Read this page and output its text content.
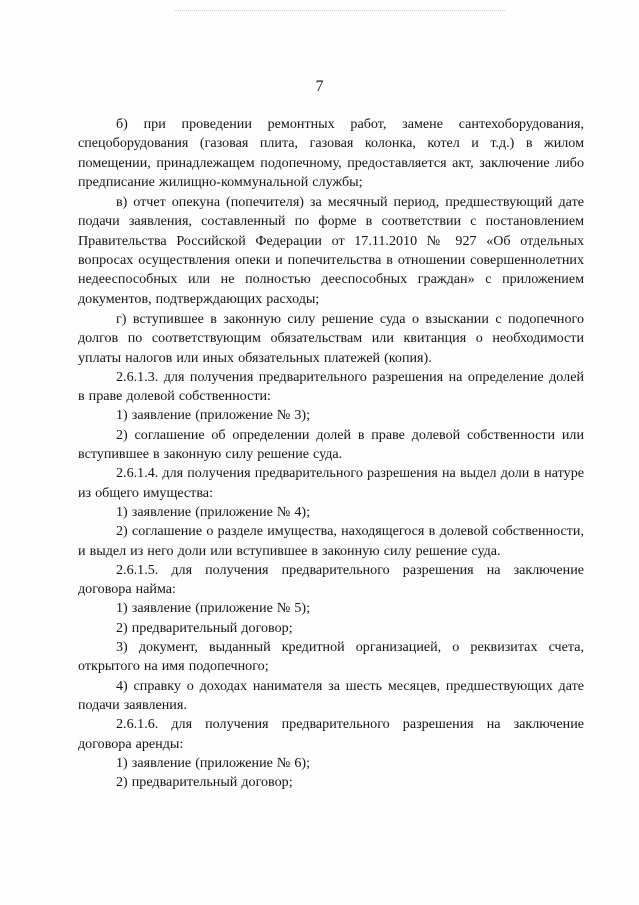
7

б) при проведении ремонтных работ, замене сантехоборудования, спецоборудования (газовая плита, газовая колонка, котел и т.д.) в жилом помещении, принадлежащем подопечному, предоставляется акт, заключение либо предписание жилищно-коммунальной службы;

в) отчет опекуна (попечителя) за месячный период, предшествующий дате подачи заявления, составленный по форме в соответствии с постановлением Правительства Российской Федерации от 17.11.2010 № 927 «Об отдельных вопросах осуществления опеки и попечительства в отношении совершеннолетних недееспособных или не полностью дееспособных граждан» с приложением документов, подтверждающих расходы;

г) вступившее в законную силу решение суда о взыскании с подопечного долгов по соответствующим обязательствам или квитанция о необходимости уплаты налогов или иных обязательных платежей (копия).

2.6.1.3. для получения предварительного разрешения на определение долей в праве долевой собственности:

1) заявление (приложение № 3);

2) соглашение об определении долей в праве долевой собственности или вступившее в законную силу решение суда.

2.6.1.4. для получения предварительного разрешения на выдел доли в натуре из общего имущества:

1) заявление (приложение № 4);

2) соглашение о разделе имущества, находящегося в долевой собственности, и выдел из него доли или вступившее в законную силу решение суда.

2.6.1.5. для получения предварительного разрешения на заключение договора найма:

1) заявление (приложение № 5);

2) предварительный договор;

3) документ, выданный кредитной организацией, о реквизитах счета, открытого на имя подопечного;

4) справку о доходах нанимателя за шесть месяцев, предшествующих дате подачи заявления.

2.6.1.6. для получения предварительного разрешения на заключение договора аренды:

1) заявление (приложение № 6);

2) предварительный договор;
